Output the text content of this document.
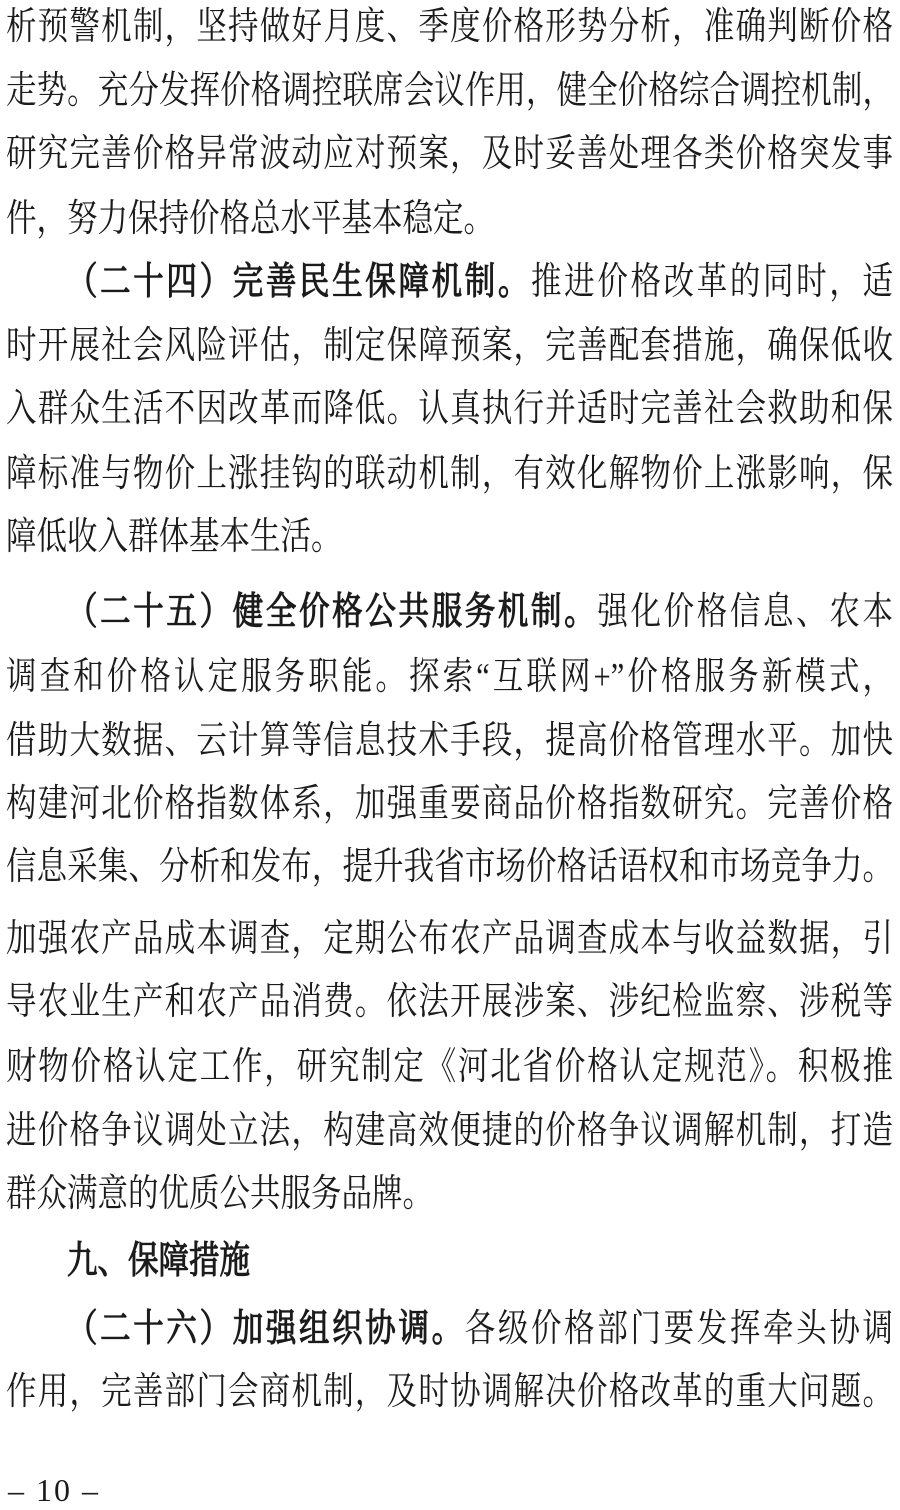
析预警机制，坚持做好月度、季度价格形势分析，准确判断价格
走势。充分发挥价格调控联席会议作用，健全价格综合调控机制，
研究完善价格异常波动应对预案，及时妥善处理各类价格突发事
件，努力保持价格总水平基本稳定。
（二十四）完善民生保障机制。推进价格改革的同时，适
时开展社会风险评估，制定保障预案，完善配套措施，确保低收
入群众生活不因改革而降低。认真执行并适时完善社会救助和保
障标准与物价上涨挂钩的联动机制，有效化解物价上涨影响，保
障低收入群体基本生活。
（二十五）健全价格公共服务机制。强化价格信息、农本
调查和价格认定服务职能。探索“互联网+”价格服务新模式，
借助大数据、云计算等信息技术手段，提高价格管理水平。加快
构建河北价格指数体系，加强重要商品价格指数研究。完善价格
信息采集、分析和发布，提升我省市场价格话语权和市场竞争力。
加强农产品成本调查，定期公布农产品调查成本与收益数据，引
导农业生产和农产品消费。依法开展涉案、涉纪检监察、涉税等
财物价格认定工作，研究制定《河北省价格认定规范》。积极推
进价格争议调处立法，构建高效便捷的价格争议调解机制，打造
群众满意的优质公共服务品牌。
九、保障措施
（二十六）加强组织协调。各级价格部门要发挥牵头协调
作用，完善部门会商机制，及时协调解决价格改革的重大问题。
– 10 –
